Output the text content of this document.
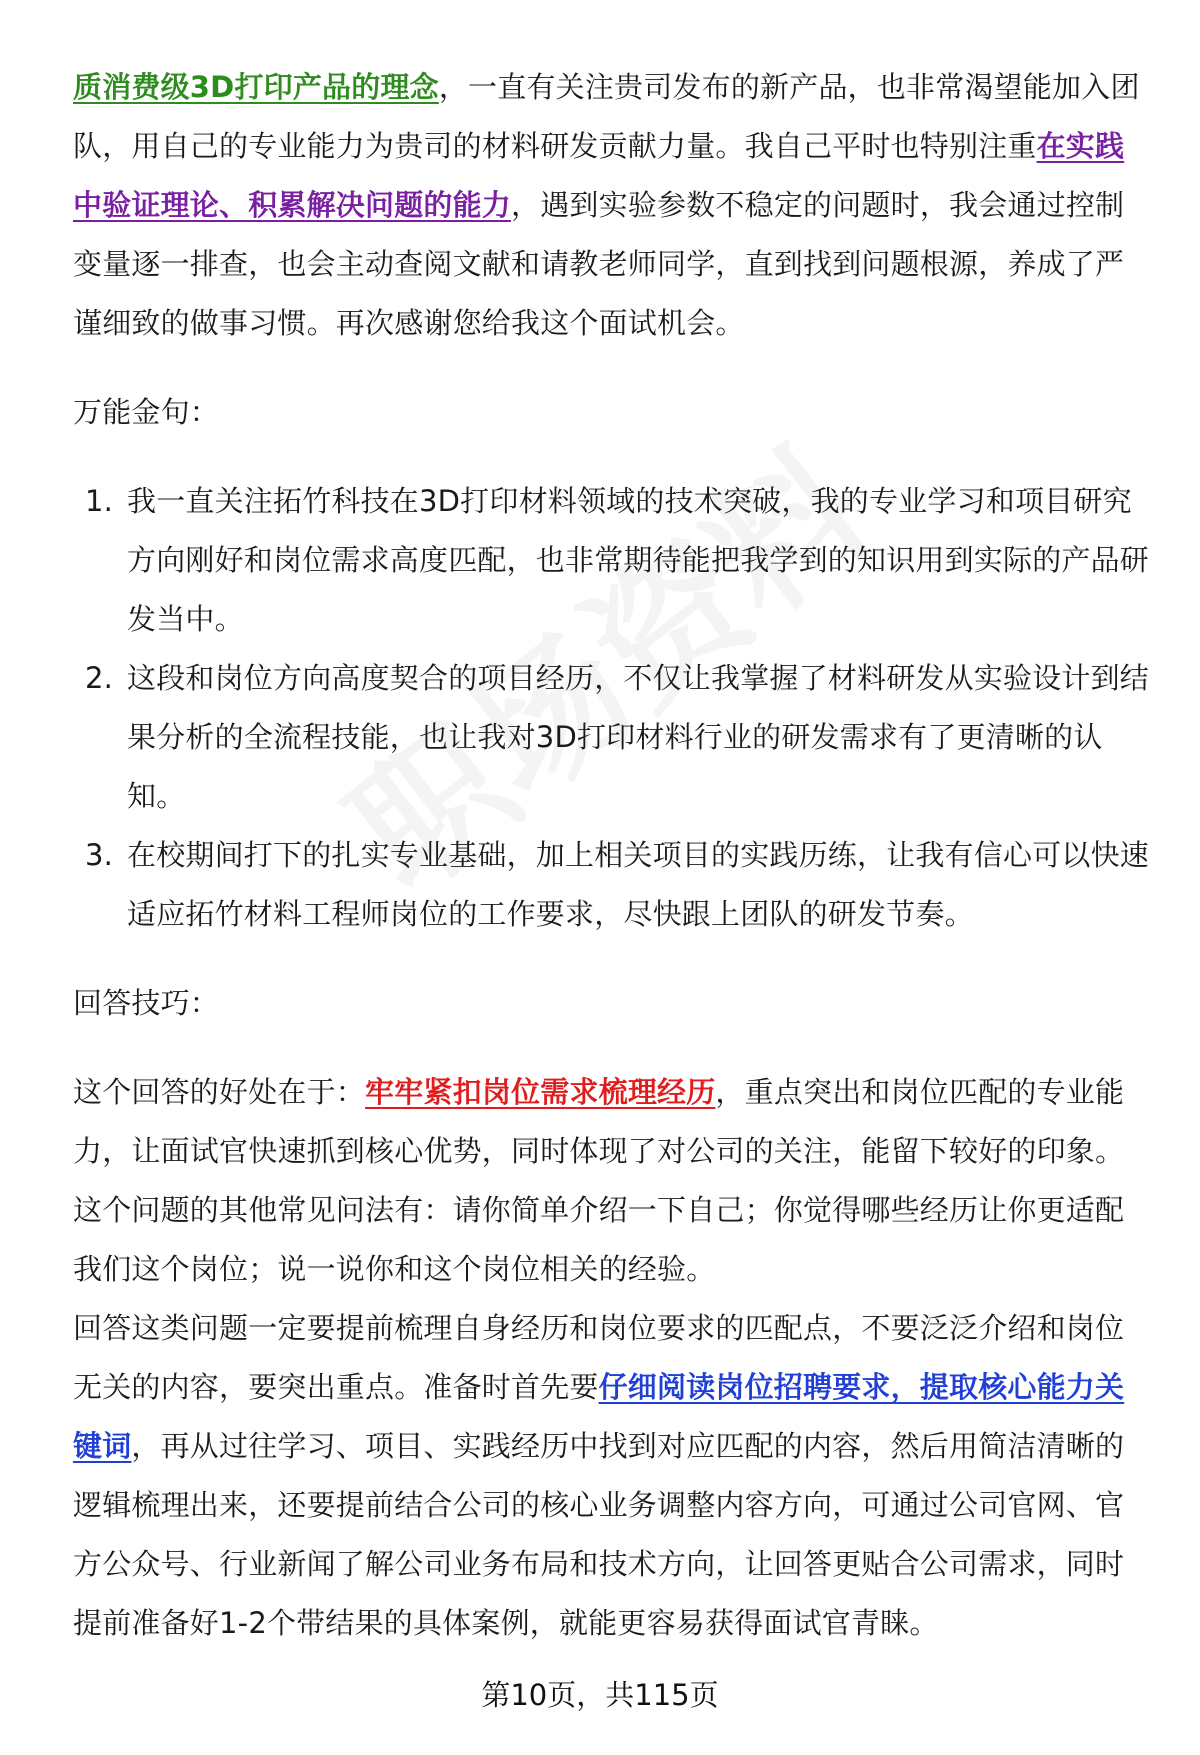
质消费级3D打印产品的理念，一直有关注贵司发布的新产品，也非常渴望能加入团队，用自己的专业能力为贵司的材料研发贡献力量。我自己平时也特别注重在实践中验证理论、积累解决问题的能力，遇到实验参数不稳定的问题时，我会通过控制变量逐一排查，也会主动查阅文献和请教老师同学，直到找到问题根源，养成了严谨细致的做事习惯。再次感谢您给我这个面试机会。

万能金句：

1. 我一直关注拓竹科技在3D打印材料领域的技术突破，我的专业学习和项目研究方向刚好和岗位需求高度匹配，也非常期待能把我学到的知识用到实际的产品研发当中。
2. 这段和岗位方向高度契合的项目经历，不仅让我掌握了材料研发从实验设计到结果分析的全流程技能，也让我对3D打印材料行业的研发需求有了更清晰的认知。
3. 在校期间打下的扎实专业基础，加上相关项目的实践历练，让我有信心可以快速适应拓竹材料工程师岗位的工作要求，尽快跟上团队的研发节奏。

回答技巧：

这个回答的好处在于：牢牢紧扣岗位需求梳理经历，重点突出和岗位匹配的专业能力，让面试官快速抓到核心优势，同时体现了对公司的关注，能留下较好的印象。

这个问题的其他常见问法有：请你简单介绍一下自己；你觉得哪些经历让你更适配我们这个岗位；说一说你和这个岗位相关的经验。

回答这类问题一定要提前梳理自身经历和岗位要求的匹配点，不要泛泛介绍和岗位无关的内容，要突出重点。准备时首先要仔细阅读岗位招聘要求，提取核心能力关键词，再从过往学习、项目、实践经历中找到对应匹配的内容，然后用简洁清晰的逻辑梳理出来，还要提前结合公司的核心业务调整内容方向，可通过公司官网、官方公众号、行业新闻了解公司业务布局和技术方向，让回答更贴合公司需求，同时提前准备好1-2个带结果的具体案例，就能更容易获得面试官青睐。

第10页，共115页
